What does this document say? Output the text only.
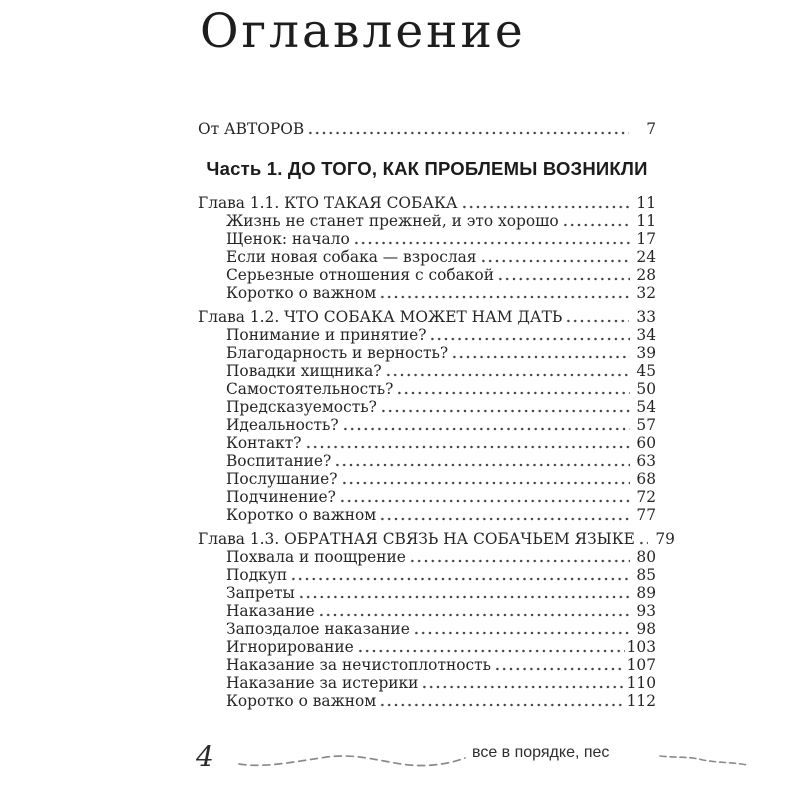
Оглавление
От АВТОРОВ	7
Часть 1. ДО ТОГО, КАК ПРОБЛЕМЫ ВОЗНИКЛИ
Глава 1.1. КТО ТАКАЯ СОБАКА	11
Жизнь не станет прежней, и это хорошо	11
Щенок: начало	17
Если новая собака — взрослая	24
Серьезные отношения с собакой	28
Коротко о важном	32
Глава 1.2. ЧТО СОБАКА МОЖЕТ НАМ ДАТЬ	33
Понимание и принятие?	34
Благодарность и верность?	39
Повадки хищника?	45
Самостоятельность?	50
Предсказуемость?	54
Идеальность?	57
Контакт?	60
Воспитание?	63
Послушание?	68
Подчинение?	72
Коротко о важном	77
Глава 1.3. ОБРАТНАЯ СВЯЗЬ НА СОБАЧЬЕМ ЯЗЫКЕ 79
Похвала и поощрение	80
Подкуп	85
Запреты	89
Наказание	93
Запоздалое наказание	98
Игнорирование	103
Наказание за нечистоплотность	107
Наказание за истерики	110
Коротко о важном	112
4	все в порядке, пес
